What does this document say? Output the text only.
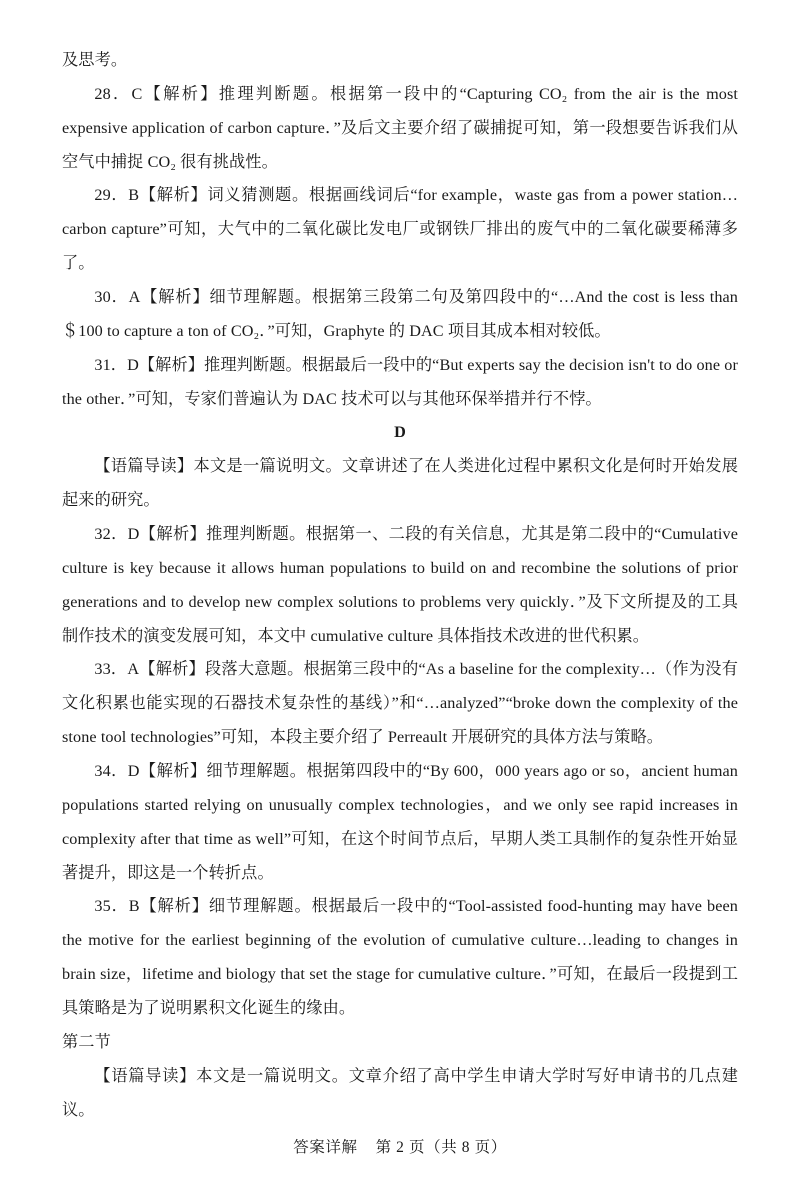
及思考。

28．C【解析】推理判断题。根据第一段中的“Capturing CO₂ from the air is the most expensive application of carbon capture．”及后文主要介绍了碳捕捉可知，第一段想要告诉我们从空气中捕捉 CO₂ 很有挑战性。

29．B【解析】词义猜测题。根据画线词后“for example，waste gas from a power station…carbon capture”可知，大气中的二氧化碳比发电厂或钢铁厂排出的废气中的二氧化碳要稀薄多了。

30．A【解析】细节理解题。根据第三段第二句及第四段中的“…And the cost is less than ＄100 to capture a ton of CO₂．”可知，Graphyte 的 DAC 项目其成本相对较低。

31．D【解析】推理判断题。根据最后一段中的“But experts say the decision isn't to do one or the other．”可知，专家们普遍认为 DAC 技术可以与其他环保举措并行不悖。

D

【语篇导读】本文是一篇说明文。文章讲述了在人类进化过程中累积文化是何时开始发展起来的研究。

32．D【解析】推理判断题。根据第一、二段的有关信息，尤其是第二段中的“Cumulative culture is key because it allows human populations to build on and recombine the solutions of prior generations and to develop new complex solutions to problems very quickly．”及下文所提及的工具制作技术的演变发展可知，本文中 cumulative culture 具体指技术改进的世代积累。

33．A【解析】段落大意题。根据第三段中的“As a baseline for the complexity…（作为没有文化积累也能实现的石器技术复杂性的基线）”和“…analyzed”“broke down the complexity of the stone tool technologies”可知，本段主要介绍了 Perreault 开展研究的具体方法与策略。

34．D【解析】细节理解题。根据第四段中的“By 600，000 years ago or so，ancient human populations started relying on unusually complex technologies，and we only see rapid increases in complexity after that time as well”可知，在这个时间节点后，早期人类工具制作的复杂性开始显著提升，即这是一个转折点。

35．B【解析】细节理解题。根据最后一段中的“Tool-assisted food-hunting may have been the motive for the earliest beginning of the evolution of cumulative culture…leading to changes in brain size，lifetime and biology that set the stage for cumulative culture．”可知，在最后一段提到工具策略是为了说明累积文化诞生的缘由。

第二节

【语篇导读】本文是一篇说明文。文章介绍了高中学生申请大学时写好申请书的几点建议。

答案详解 第 2 页（共 8 页）
